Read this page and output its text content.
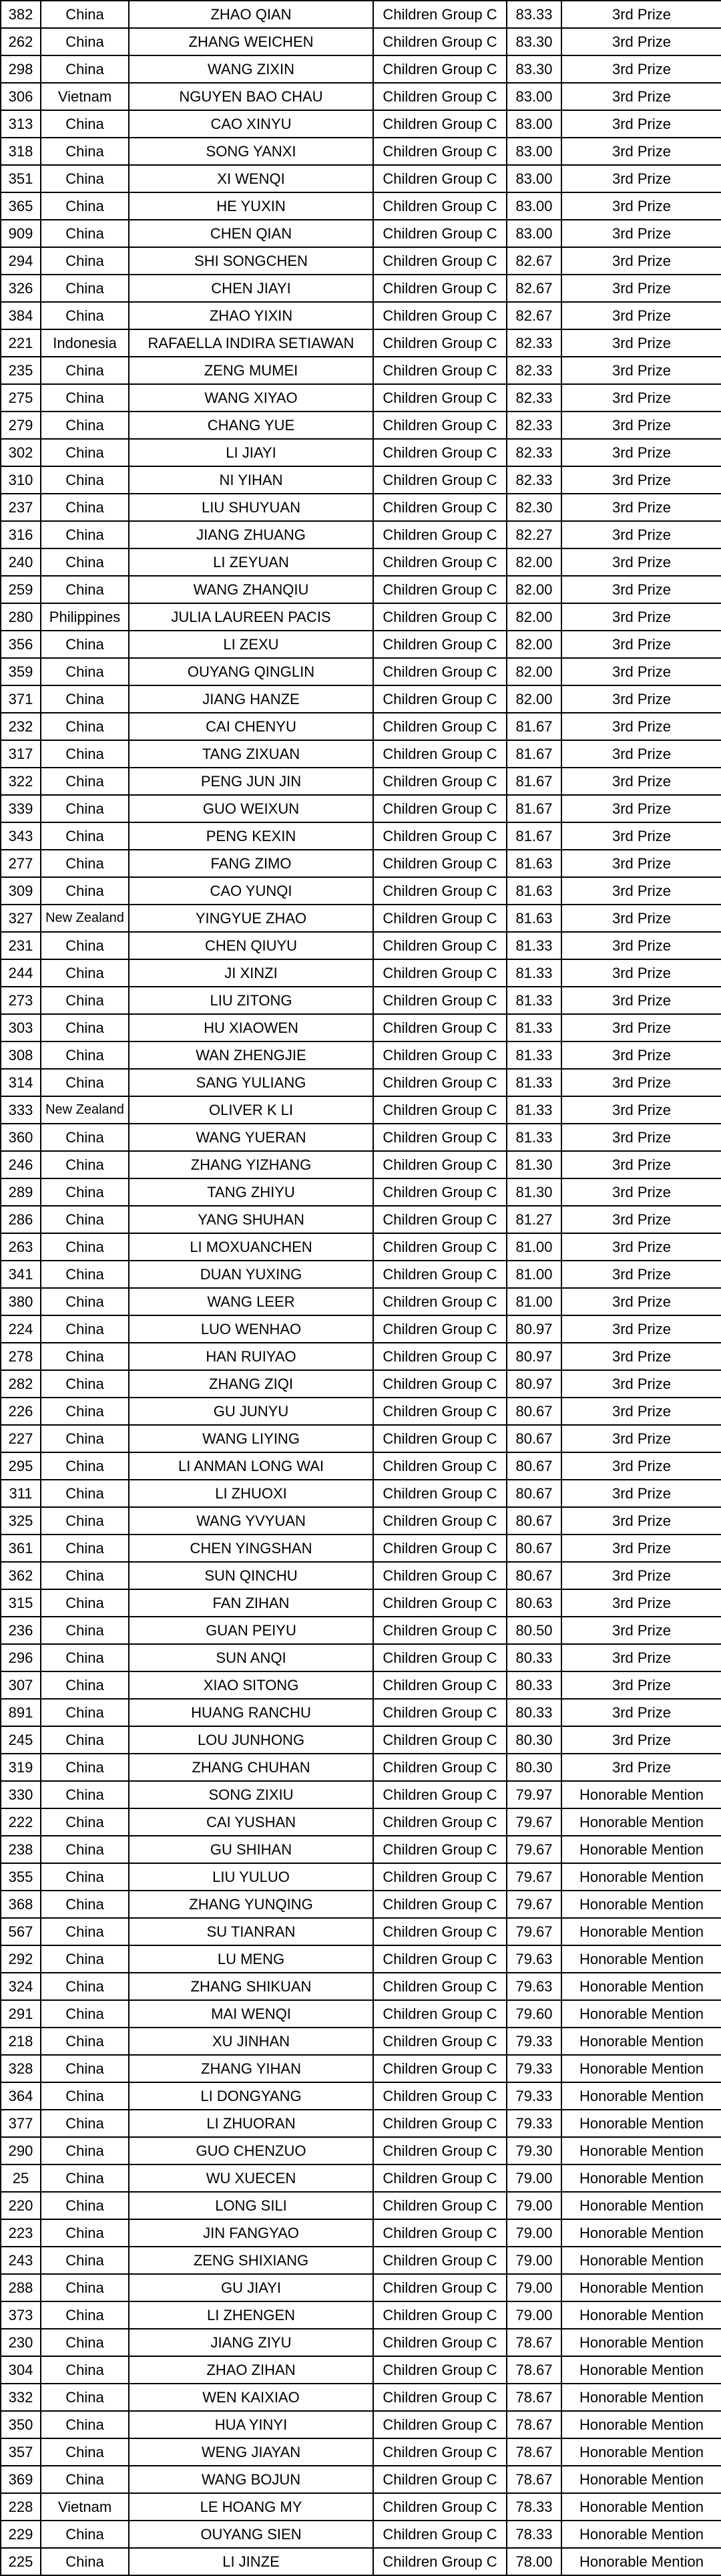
382	China	ZHAO QIAN	Children Group C	83.33	3rd Prize
262	China	ZHANG WEICHEN	Children Group C	83.30	3rd Prize
298	China	WANG ZIXIN	Children Group C	83.30	3rd Prize
306	Vietnam	NGUYEN BAO CHAU	Children Group C	83.00	3rd Prize
313	China	CAO XINYU	Children Group C	83.00	3rd Prize
318	China	SONG YANXI	Children Group C	83.00	3rd Prize
351	China	XI WENQI	Children Group C	83.00	3rd Prize
365	China	HE YUXIN	Children Group C	83.00	3rd Prize
909	China	CHEN QIAN	Children Group C	83.00	3rd Prize
294	China	SHI SONGCHEN	Children Group C	82.67	3rd Prize
326	China	CHEN JIAYI	Children Group C	82.67	3rd Prize
384	China	ZHAO YIXIN	Children Group C	82.67	3rd Prize
221	Indonesia	RAFAELLA INDIRA SETIAWAN	Children Group C	82.33	3rd Prize
235	China	ZENG MUMEI	Children Group C	82.33	3rd Prize
275	China	WANG XIYAO	Children Group C	82.33	3rd Prize
279	China	CHANG YUE	Children Group C	82.33	3rd Prize
302	China	LI JIAYI	Children Group C	82.33	3rd Prize
310	China	NI YIHAN	Children Group C	82.33	3rd Prize
237	China	LIU SHUYUAN	Children Group C	82.30	3rd Prize
316	China	JIANG ZHUANG	Children Group C	82.27	3rd Prize
240	China	LI ZEYUAN	Children Group C	82.00	3rd Prize
259	China	WANG ZHANQIU	Children Group C	82.00	3rd Prize
280	Philippines	JULIA LAUREEN PACIS	Children Group C	82.00	3rd Prize
356	China	LI ZEXU	Children Group C	82.00	3rd Prize
359	China	OUYANG QINGLIN	Children Group C	82.00	3rd Prize
371	China	JIANG HANZE	Children Group C	82.00	3rd Prize
232	China	CAI CHENYU	Children Group C	81.67	3rd Prize
317	China	TANG ZIXUAN	Children Group C	81.67	3rd Prize
322	China	PENG JUN JIN	Children Group C	81.67	3rd Prize
339	China	GUO WEIXUN	Children Group C	81.67	3rd Prize
343	China	PENG KEXIN	Children Group C	81.67	3rd Prize
277	China	FANG ZIMO	Children Group C	81.63	3rd Prize
309	China	CAO YUNQI	Children Group C	81.63	3rd Prize
327	New Zealand	YINGYUE ZHAO	Children Group C	81.63	3rd Prize
231	China	CHEN QIUYU	Children Group C	81.33	3rd Prize
244	China	JI XINZI	Children Group C	81.33	3rd Prize
273	China	LIU ZITONG	Children Group C	81.33	3rd Prize
303	China	HU XIAOWEN	Children Group C	81.33	3rd Prize
308	China	WAN ZHENGJIE	Children Group C	81.33	3rd Prize
314	China	SANG YULIANG	Children Group C	81.33	3rd Prize
333	New Zealand	OLIVER K LI	Children Group C	81.33	3rd Prize
360	China	WANG YUERAN	Children Group C	81.33	3rd Prize
246	China	ZHANG YIZHANG	Children Group C	81.30	3rd Prize
289	China	TANG ZHIYU	Children Group C	81.30	3rd Prize
286	China	YANG SHUHAN	Children Group C	81.27	3rd Prize
263	China	LI MOXUANCHEN	Children Group C	81.00	3rd Prize
341	China	DUAN YUXING	Children Group C	81.00	3rd Prize
380	China	WANG LEER	Children Group C	81.00	3rd Prize
224	China	LUO WENHAO	Children Group C	80.97	3rd Prize
278	China	HAN RUIYAO	Children Group C	80.97	3rd Prize
282	China	ZHANG ZIQI	Children Group C	80.97	3rd Prize
226	China	GU JUNYU	Children Group C	80.67	3rd Prize
227	China	WANG LIYING	Children Group C	80.67	3rd Prize
295	China	LI ANMAN LONG WAI	Children Group C	80.67	3rd Prize
311	China	LI ZHUOXI	Children Group C	80.67	3rd Prize
325	China	WANG YVYUAN	Children Group C	80.67	3rd Prize
361	China	CHEN YINGSHAN	Children Group C	80.67	3rd Prize
362	China	SUN QINCHU	Children Group C	80.67	3rd Prize
315	China	FAN ZIHAN	Children Group C	80.63	3rd Prize
236	China	GUAN PEIYU	Children Group C	80.50	3rd Prize
296	China	SUN ANQI	Children Group C	80.33	3rd Prize
307	China	XIAO SITONG	Children Group C	80.33	3rd Prize
891	China	HUANG RANCHU	Children Group C	80.33	3rd Prize
245	China	LOU JUNHONG	Children Group C	80.30	3rd Prize
319	China	ZHANG CHUHAN	Children Group C	80.30	3rd Prize
330	China	SONG ZIXIU	Children Group C	79.97	Honorable Mention
222	China	CAI YUSHAN	Children Group C	79.67	Honorable Mention
238	China	GU SHIHAN	Children Group C	79.67	Honorable Mention
355	China	LIU YULUO	Children Group C	79.67	Honorable Mention
368	China	ZHANG YUNQING	Children Group C	79.67	Honorable Mention
567	China	SU TIANRAN	Children Group C	79.67	Honorable Mention
292	China	LU MENG	Children Group C	79.63	Honorable Mention
324	China	ZHANG SHIKUAN	Children Group C	79.63	Honorable Mention
291	China	MAI WENQI	Children Group C	79.60	Honorable Mention
218	China	XU JINHAN	Children Group C	79.33	Honorable Mention
328	China	ZHANG YIHAN	Children Group C	79.33	Honorable Mention
364	China	LI DONGYANG	Children Group C	79.33	Honorable Mention
377	China	LI ZHUORAN	Children Group C	79.33	Honorable Mention
290	China	GUO CHENZUO	Children Group C	79.30	Honorable Mention
25	China	WU XUECEN	Children Group C	79.00	Honorable Mention
220	China	LONG SILI	Children Group C	79.00	Honorable Mention
223	China	JIN FANGYAO	Children Group C	79.00	Honorable Mention
243	China	ZENG SHIXIANG	Children Group C	79.00	Honorable Mention
288	China	GU JIAYI	Children Group C	79.00	Honorable Mention
373	China	LI ZHENGEN	Children Group C	79.00	Honorable Mention
230	China	JIANG ZIYU	Children Group C	78.67	Honorable Mention
304	China	ZHAO ZIHAN	Children Group C	78.67	Honorable Mention
332	China	WEN KAIXIAO	Children Group C	78.67	Honorable Mention
350	China	HUA YINYI	Children Group C	78.67	Honorable Mention
357	China	WENG JIAYAN	Children Group C	78.67	Honorable Mention
369	China	WANG BOJUN	Children Group C	78.67	Honorable Mention
228	Vietnam	LE HOANG MY	Children Group C	78.33	Honorable Mention
229	China	OUYANG SIEN	Children Group C	78.33	Honorable Mention
225	China	LI JINZE	Children Group C	78.00	Honorable Mention
